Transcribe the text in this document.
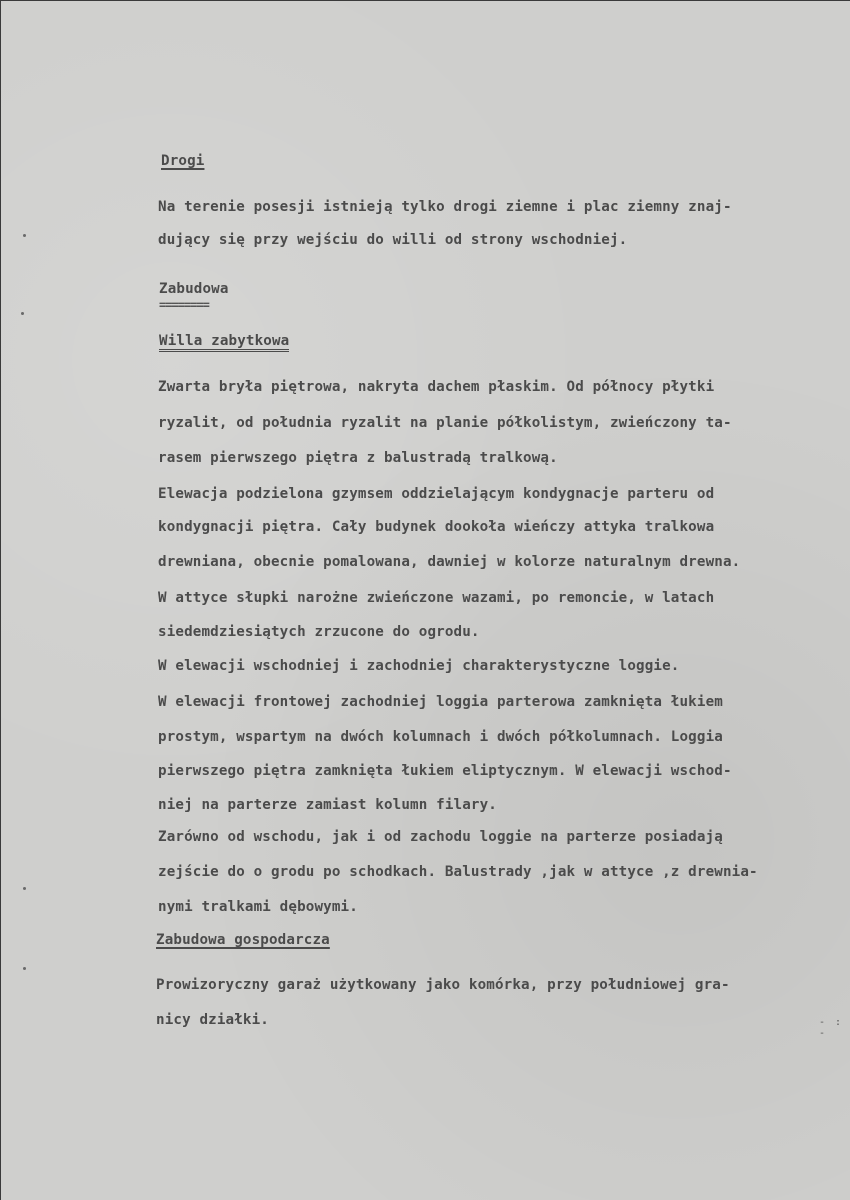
Drogi

Na terenie posesji istnieją tylko drogi ziemne i plac ziemny znaj-

dujący się przy wejściu do willi od strony wschodniej.

Zabudowa

========

Willa zabytkowa

Zwarta bryła piętrowa, nakryta dachem płaskim. Od północy płytki

ryzalit, od południa ryzalit na planie półkolistym, zwieńczony ta-

rasem pierwszego piętra z balustradą tralkową.

Elewacja podzielona gzymsem oddzielającym kondygnacje parteru od

kondygnacji piętra. Cały budynek dookoła wieńczy attyka tralkowa

drewniana, obecnie pomalowana, dawniej w kolorze naturalnym drewna.

W attyce słupki narożne zwieńczone wazami, po remoncie, w latach

siedemdziesiątych zrzucone do ogrodu.

W elewacji wschodniej i zachodniej charakterystyczne loggie.

W elewacji frontowej zachodniej loggia parterowa zamknięta łukiem

prostym, wspartym na dwóch kolumnach i dwóch półkolumnach. Loggia

pierwszego piętra zamknięta łukiem eliptycznym. W elewacji wschod-

niej na parterze zamiast kolumn filary.

Zarówno od wschodu, jak i od zachodu loggie na parterze posiadają

zejście do o grodu po schodkach. Balustrady ,jak w attyce ,z drewnia-

nymi tralkami dębowymi.

Zabudowa gospodarcza

Prowizoryczny garaż użytkowany jako komórka, przy południowej gra-

nicy działki.	- : -
